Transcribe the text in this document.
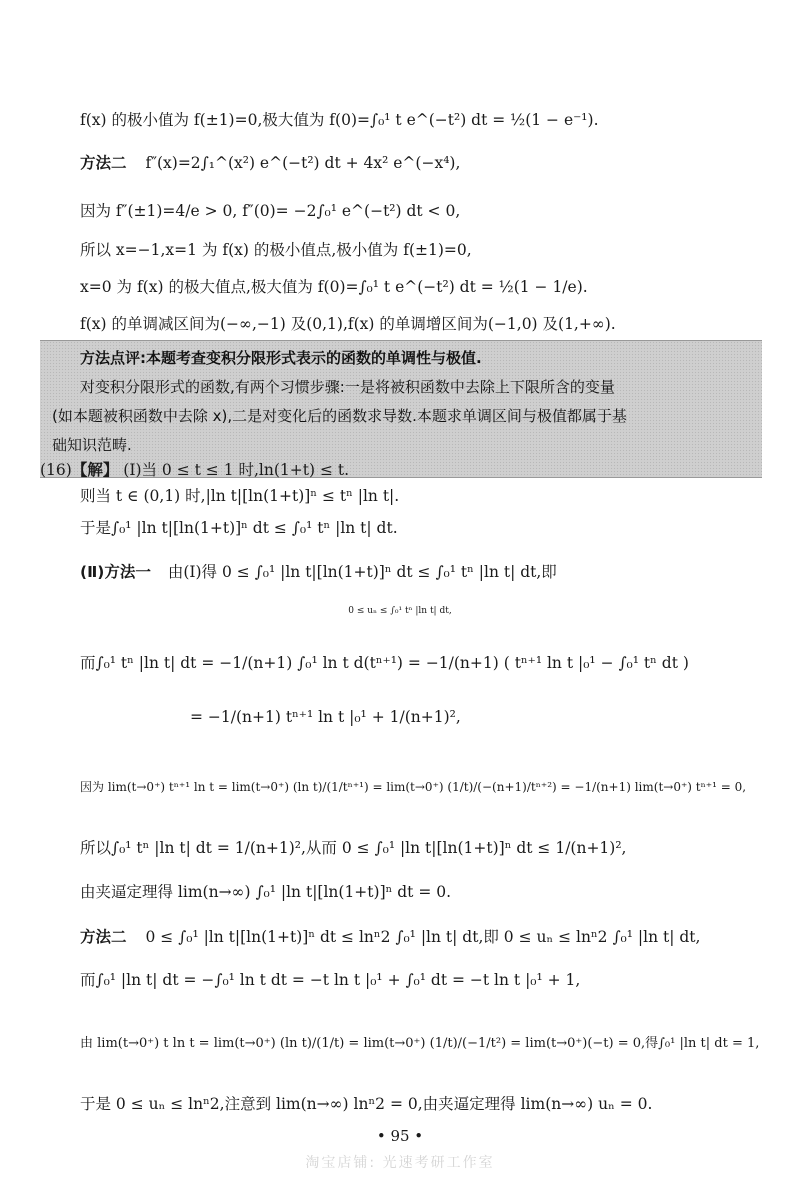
f(x) 的极小值为 f(±1)=0,极大值为 f(0)=∫₀¹ t e^(−t²) dt = ½(1 − e⁻¹).
方法二 f″(x)=2∫₁^(x²) e^(−t²) dt + 4x² e^(−x⁴),
因为 f″(±1)=4/e > 0, f″(0)= −2∫₀¹ e^(−t²) dt < 0,
所以 x=−1,x=1 为 f(x) 的极小值点,极小值为 f(±1)=0,
x=0 为 f(x) 的极大值点,极大值为 f(0)=∫₀¹ t e^(−t²) dt = ½(1 − 1/e).
f(x) 的单调减区间为(−∞,−1) 及(0,1),f(x) 的单调增区间为(−1,0) 及(1,+∞).
方法点评:本题考查变积分限形式表示的函数的单调性与极值.
对变积分限形式的函数,有两个习惯步骤:一是将被积函数中去除上下限所含的变量
(如本题被积函数中去除 x),二是对变化后的函数求导数.本题求单调区间与极值都属于基
础知识范畴.
(16)【解】 (Ⅰ)当 0 ≤ t ≤ 1 时,ln(1+t) ≤ t.
则当 t ∈ (0,1) 时,|ln t|[ln(1+t)]ⁿ ≤ tⁿ |ln t|.
于是∫₀¹ |ln t|[ln(1+t)]ⁿ dt ≤ ∫₀¹ tⁿ |ln t| dt.
(Ⅱ)方法一 由(Ⅰ)得 0 ≤ ∫₀¹ |ln t|[ln(1+t)]ⁿ dt ≤ ∫₀¹ tⁿ |ln t| dt,即
0 ≤ uₙ ≤ ∫₀¹ tⁿ |ln t| dt,
而∫₀¹ tⁿ |ln t| dt = −1/(n+1) ∫₀¹ ln t d(tⁿ⁺¹) = −1/(n+1) ( tⁿ⁺¹ ln t |₀¹ − ∫₀¹ tⁿ dt )
= −1/(n+1) tⁿ⁺¹ ln t |₀¹ + 1/(n+1)²,
因为 lim(t→0⁺) tⁿ⁺¹ ln t = lim(t→0⁺) (ln t)/(1/tⁿ⁺¹) = lim(t→0⁺) (1/t)/(−(n+1)/tⁿ⁺²) = −1/(n+1) lim(t→0⁺) tⁿ⁺¹ = 0,
所以∫₀¹ tⁿ |ln t| dt = 1/(n+1)²,从而 0 ≤ ∫₀¹ |ln t|[ln(1+t)]ⁿ dt ≤ 1/(n+1)²,
由夹逼定理得 lim(n→∞) ∫₀¹ |ln t|[ln(1+t)]ⁿ dt = 0.
方法二 0 ≤ ∫₀¹ |ln t|[ln(1+t)]ⁿ dt ≤ lnⁿ2 ∫₀¹ |ln t| dt,即 0 ≤ uₙ ≤ lnⁿ2 ∫₀¹ |ln t| dt,
而∫₀¹ |ln t| dt = −∫₀¹ ln t dt = −t ln t |₀¹ + ∫₀¹ dt = −t ln t |₀¹ + 1,
由 lim(t→0⁺) t ln t = lim(t→0⁺) (ln t)/(1/t) = lim(t→0⁺) (1/t)/(−1/t²) = lim(t→0⁺)(−t) = 0,得∫₀¹ |ln t| dt = 1,
于是 0 ≤ uₙ ≤ lnⁿ2,注意到 lim(n→∞) lnⁿ2 = 0,由夹逼定理得 lim(n→∞) uₙ = 0.
• 95 •
淘宝店铺: 光速考研工作室
